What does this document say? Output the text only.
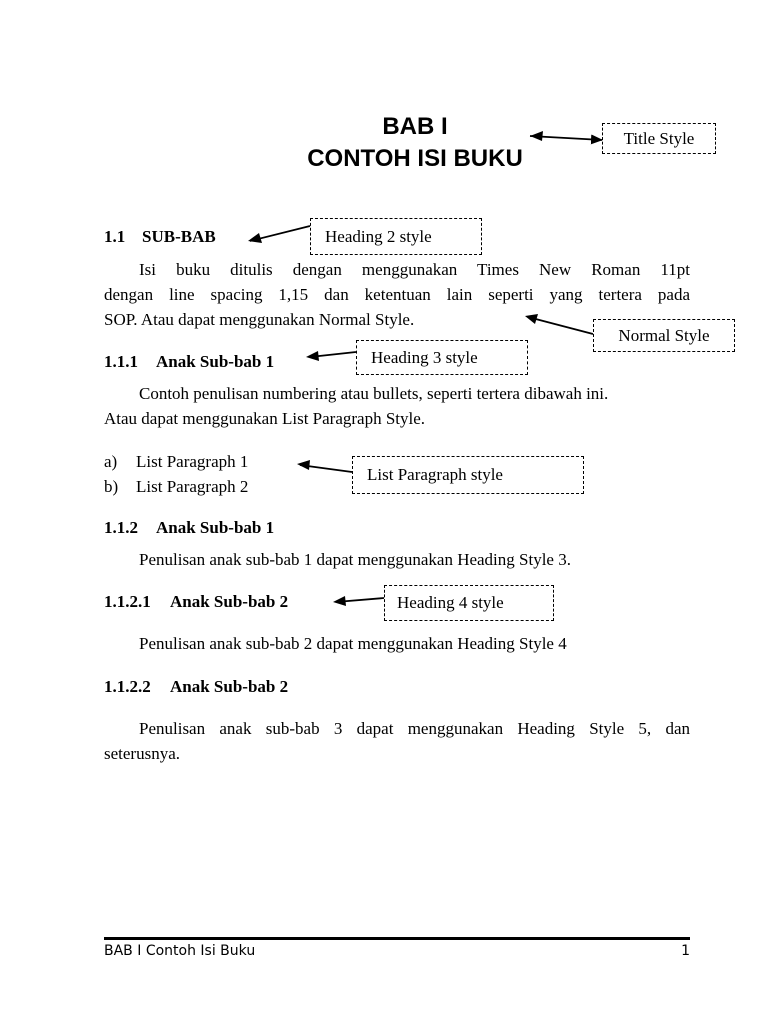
BAB I
CONTOH ISI BUKU
1.1 SUB-BAB
Isi buku ditulis dengan menggunakan Times New Roman 11pt
dengan line spacing 1,15 dan ketentuan lain seperti yang tertera pada
SOP. Atau dapat menggunakan Normal Style.
1.1.1 Anak Sub-bab 1
Contoh penulisan numbering atau bullets, seperti tertera dibawah ini.
Atau dapat menggunakan List Paragraph Style.
a) List Paragraph 1
b) List Paragraph 2
1.1.2 Anak Sub-bab 1
Penulisan anak sub-bab 1 dapat menggunakan Heading Style 3.
1.1.2.1 Anak Sub-bab 2
Penulisan anak sub-bab 2 dapat menggunakan Heading Style 4
1.1.2.2 Anak Sub-bab 2
Penulisan anak sub-bab 3 dapat menggunakan Heading Style 5, dan
seterusnya.
Title Style
Heading 2 style
Normal Style
Heading 3 style
List Paragraph style
Heading 4 style
BAB I Contoh Isi Buku	1
